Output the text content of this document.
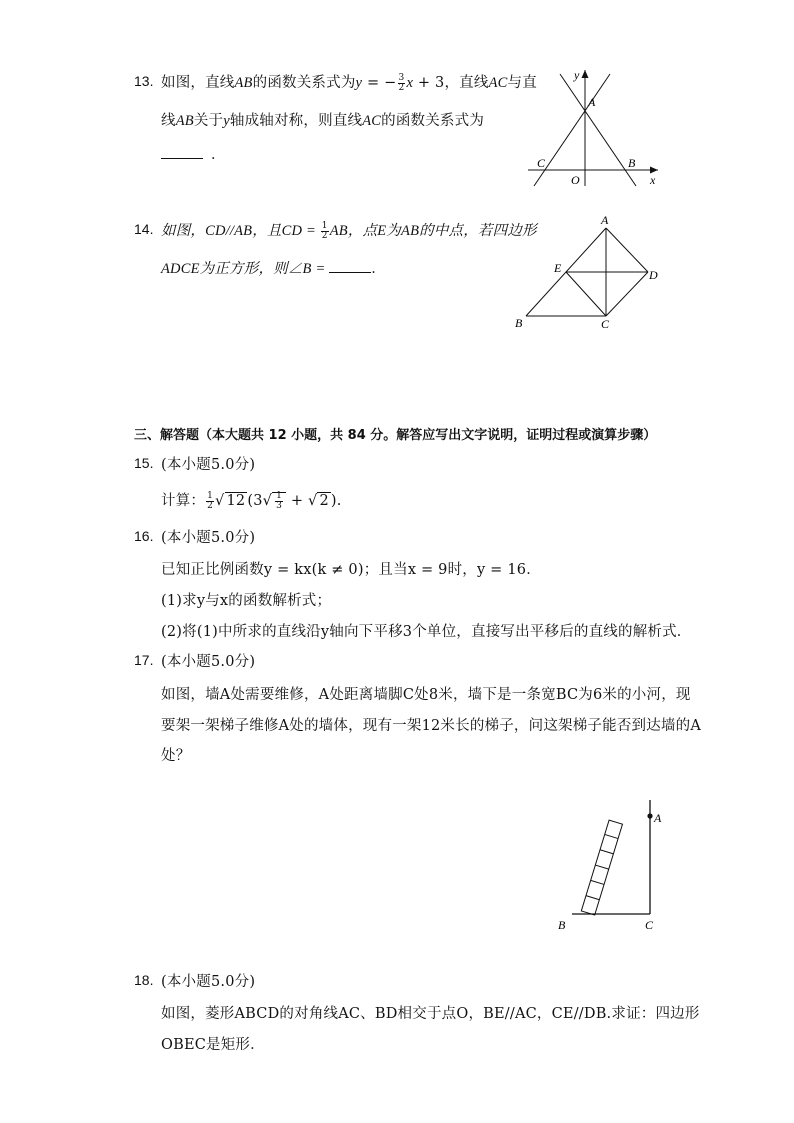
13. 如图，直线AB的函数关系式为y = − $\frac{3}{2}$ x + 3，直线AC与直
线AB关于y轴成轴对称，则直线AC的函数关系式为
．
y
A
C
O
B
x
14. 如图，CD//AB，且CD = $\frac{1}{2}$ AB，点E为AB的中点，若四边形
ADCE为正方形，则∠B =	．
A
E	D
B	C
三、解答题（本大题共 12 小题，共 84 分。解答应写出文字说明，证明过程或演算步骤）
15. (本小题5.0分)
计算： $\frac{1}{2}$ √ 12 ($3√ \frac{1}{3}$ + √ 2 ).
16. (本小题5.0分)
已知正比例函数y = kx(k ≠ 0)；且当x = 9时，y = 16．
(1)求y与x的函数解析式；
(2)将(1)中所求的直线沿y轴向下平移3个单位，直接写出平移后的直线的解析式．
17. (本小题5.0分)
如图，墙A处需要维修，A处距离墙脚C处8米，墙下是一条宽BC为6米的小河，现
要架一架梯子维修A处的墙体，现有一架12米长的梯子，问这架梯子能否到达墙的A
处？
A
B	C
18. (本小题5.0分)
如图，菱形ABCD的对角线AC、BD相交于点O，BE//AC，CE//DB.求证：四边形
OBEC是矩形．
